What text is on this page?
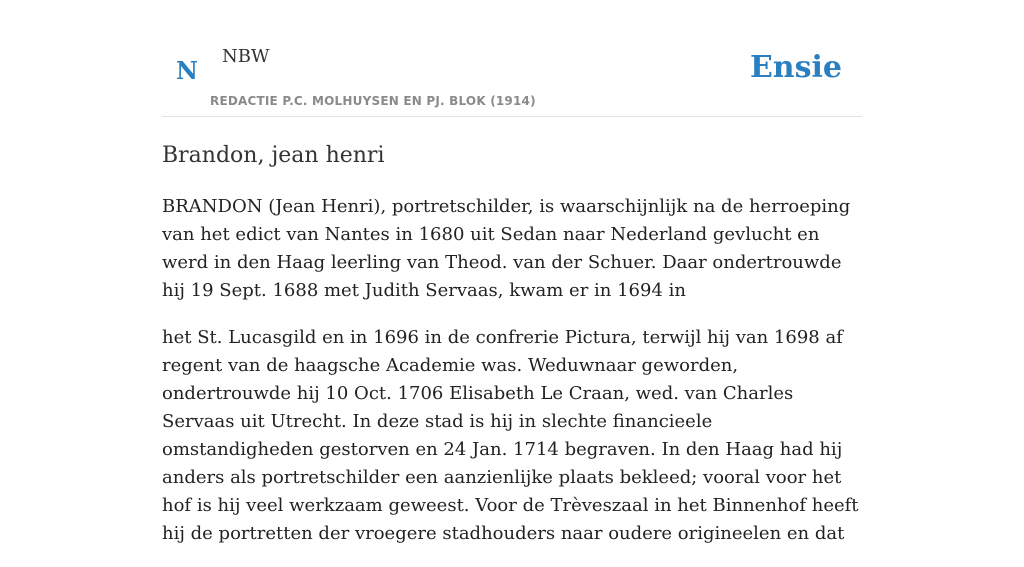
N NBW
REDACTIE P.C. MOLHUYSEN EN PJ. BLOK (1914)
Ensie
Brandon, jean henri

BRANDON (Jean Henri), portretschilder, is waarschijnlijk na de herroeping van het edict van Nantes in 1680 uit Sedan naar Nederland gevlucht en werd in den Haag leerling van Theod. van der Schuer. Daar ondertrouwde hij 19 Sept. 1688 met Judith Servaas, kwam er in 1694 in

het St. Lucasgild en in 1696 in de confrerie Pictura, terwijl hij van 1698 af regent van de haagsche Academie was. Weduwnaar geworden, ondertrouwde hij 10 Oct. 1706 Elisabeth Le Craan, wed. van Charles Servaas uit Utrecht. In deze stad is hij in slechte financieele omstandigheden gestorven en 24 Jan. 1714 begraven. In den Haag had hij anders als portretschilder een aanzienlijke plaats bekleed; vooral voor het hof is hij veel werkzaam geweest. Voor de Trèveszaal in het Binnenhof heeft hij de portretten der vroegere stadhouders naar oudere origineelen en dat
